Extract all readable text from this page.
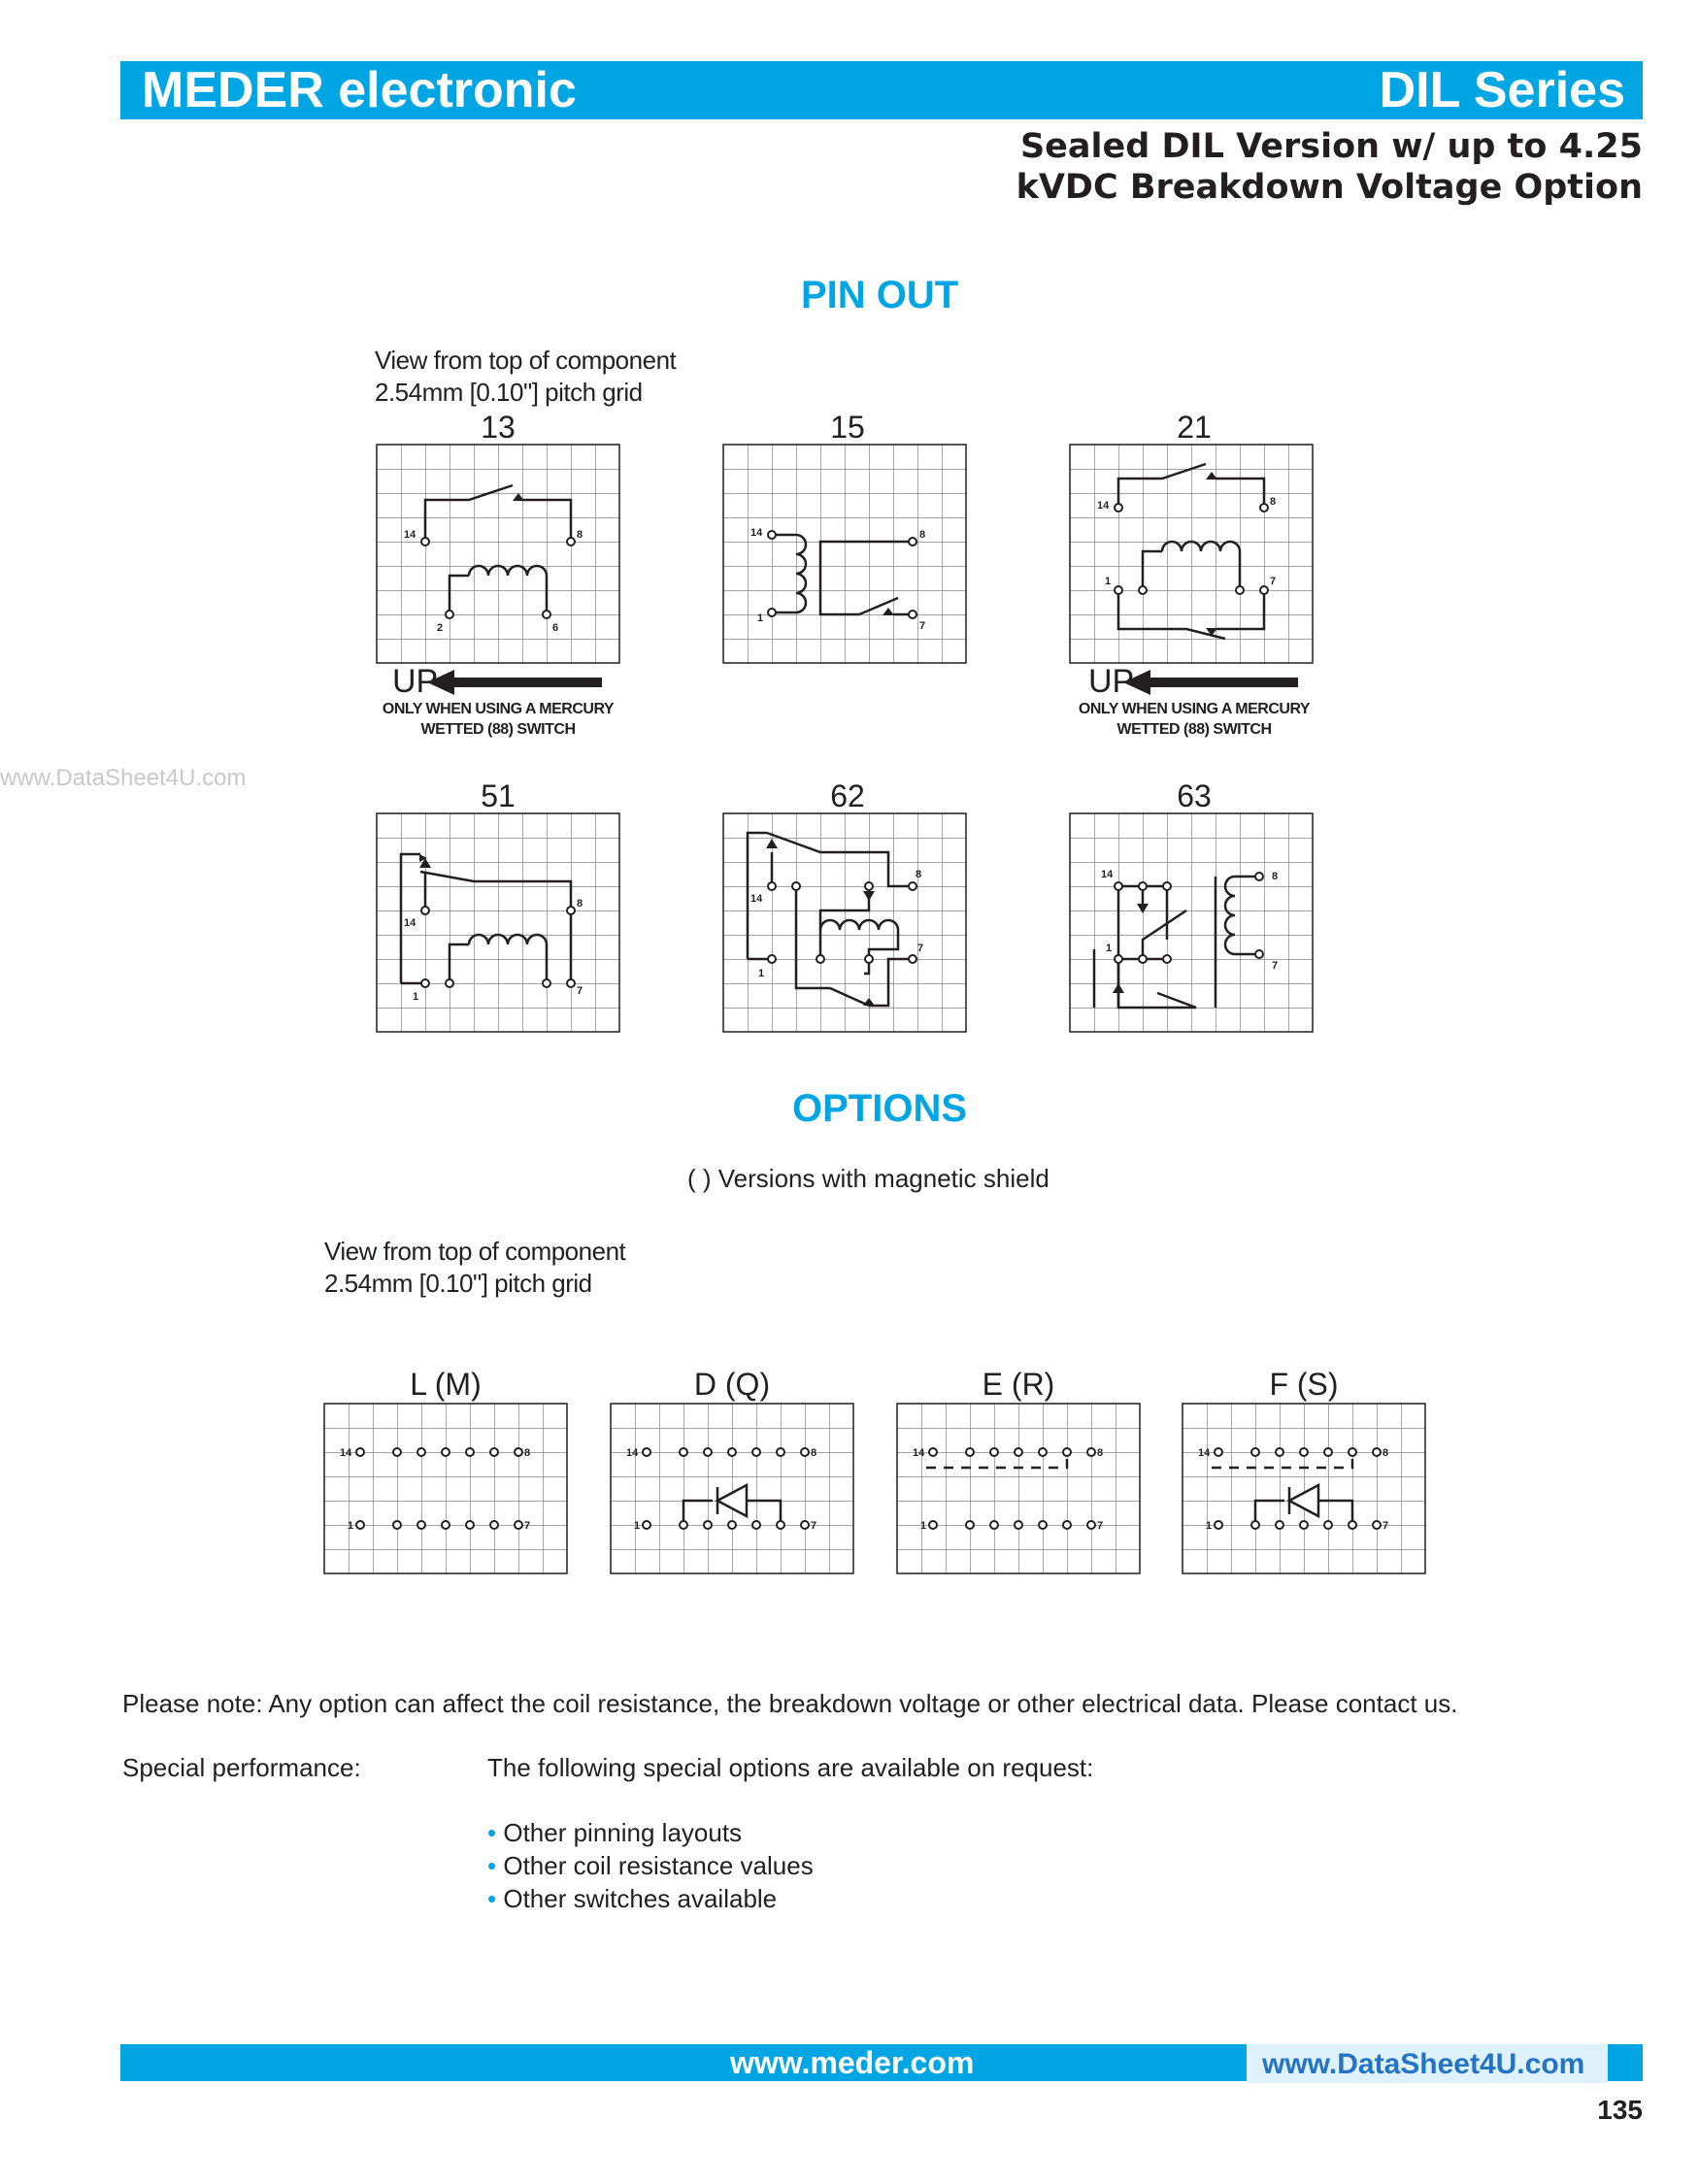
MEDER electronic	DIL Series
Sealed DIL Version w/ up to 4.25
kVDC Breakdown Voltage Option
www.DataSheet4U.com
PIN OUT
View from top of component
2.54mm [0.10"] pitch grid
13	15	21
51	62	63
14	8
2	6
14	8
1
7
14	8
1	7
14
8
1	7
14
8
1
7
14	8
1
7
14	8
1	7
14	8
1	7
14	8
1	7
14	8
1	7
UP
ONLY WHEN USING A MERCURY
WETTED (88) SWITCH
UP
ONLY WHEN USING A MERCURY
WETTED (88) SWITCH
OPTIONS
( ) Versions with magnetic shield
View from top of component
2.54mm [0.10"] pitch grid
L (M)	D (Q)	E (R)	F (S)
Please note: Any option can affect the coil resistance, the breakdown voltage or other electrical data. Please contact us.
Special performance:	The following special options are available on request:
• Other pinning layouts
• Other coil resistance values
• Other switches available
www.meder.com	www.DataSheet4U.com
135
